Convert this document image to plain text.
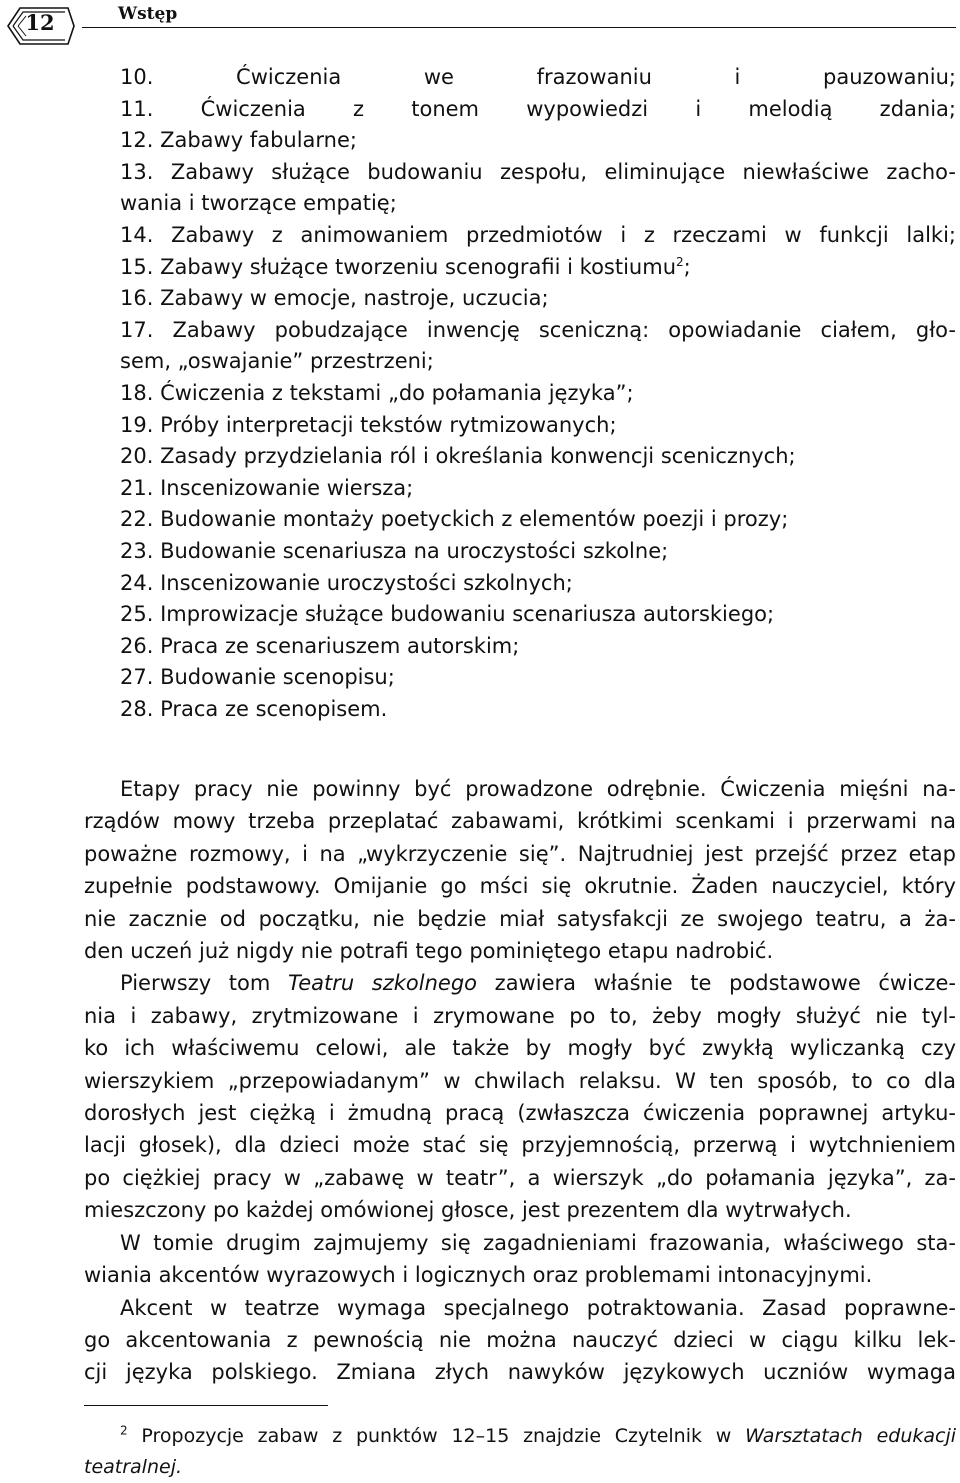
12	Wstęp
10. Ćwiczenia we frazowaniu i pauzowaniu;
11. Ćwiczenia z tonem wypowiedzi i melodią zdania;
12. Zabawy fabularne;
13. Zabawy służące budowaniu zespołu, eliminujące niewłaściwe zacho-
wania i tworzące empatię;
14. Zabawy z animowaniem przedmiotów i z rzeczami w funkcji lalki;
15. Zabawy służące tworzeniu scenografii i kostiumu$^2$;
16. Zabawy w emocje, nastroje, uczucia;
17. Zabawy pobudzające inwencję sceniczną: opowiadanie ciałem, gło-
sem, „oswajanie” przestrzeni;
18. Ćwiczenia z tekstami „do połamania języka”;
19. Próby interpretacji tekstów rytmizowanych;
20. Zasady przydzielania ról i określania konwencji scenicznych;
21. Inscenizowanie wiersza;
22. Budowanie montaży poetyckich z elementów poezji i prozy;
23. Budowanie scenariusza na uroczystości szkolne;
24. Inscenizowanie uroczystości szkolnych;
25. Improwizacje służące budowaniu scenariusza autorskiego;
26. Praca ze scenariuszem autorskim;
27. Budowanie scenopisu;
28. Praca ze scenopisem.
Etapy pracy nie powinny być prowadzone odrębnie. Ćwiczenia mięśni na-
rządów mowy trzeba przeplatać zabawami, krótkimi scenkami i przerwami na
poważne rozmowy, i na „wykrzyczenie się”. Najtrudniej jest przejść przez etap
zupełnie podstawowy. Omijanie go mści się okrutnie. Żaden nauczyciel, który
nie zacznie od początku, nie będzie miał satysfakcji ze swojego teatru, a ża-
den uczeń już nigdy nie potrafi tego pominiętego etapu nadrobić.
Pierwszy tom Teatru szkolnego zawiera właśnie te podstawowe ćwicze-
nia i zabawy, zrytmizowane i zrymowane po to, żeby mogły służyć nie tyl-
ko ich właściwemu celowi, ale także by mogły być zwykłą wyliczanką czy
wierszykiem „przepowiadanym” w chwilach relaksu. W ten sposób, to co dla
dorosłych jest ciężką i żmudną pracą (zwłaszcza ćwiczenia poprawnej artyku-
lacji głosek), dla dzieci może stać się przyjemnością, przerwą i wytchnieniem
po ciężkiej pracy w „zabawę w teatr”, a wierszyk „do połamania języka”, za-
mieszczony po każdej omówionej głosce, jest prezentem dla wytrwałych.
W tomie drugim zajmujemy się zagadnieniami frazowania, właściwego sta-
wiania akcentów wyrazowych i logicznych oraz problemami intonacyjnymi.
Akcent w teatrze wymaga specjalnego potraktowania. Zasad poprawne-
go akcentowania z pewnością nie można nauczyć dzieci w ciągu kilku lek-
cji języka polskiego. Zmiana złych nawyków językowych uczniów wymaga
$^2$ Propozycje zabaw z punktów 12–15 znajdzie Czytelnik w Warsztatach edukacji
teatralnej.
